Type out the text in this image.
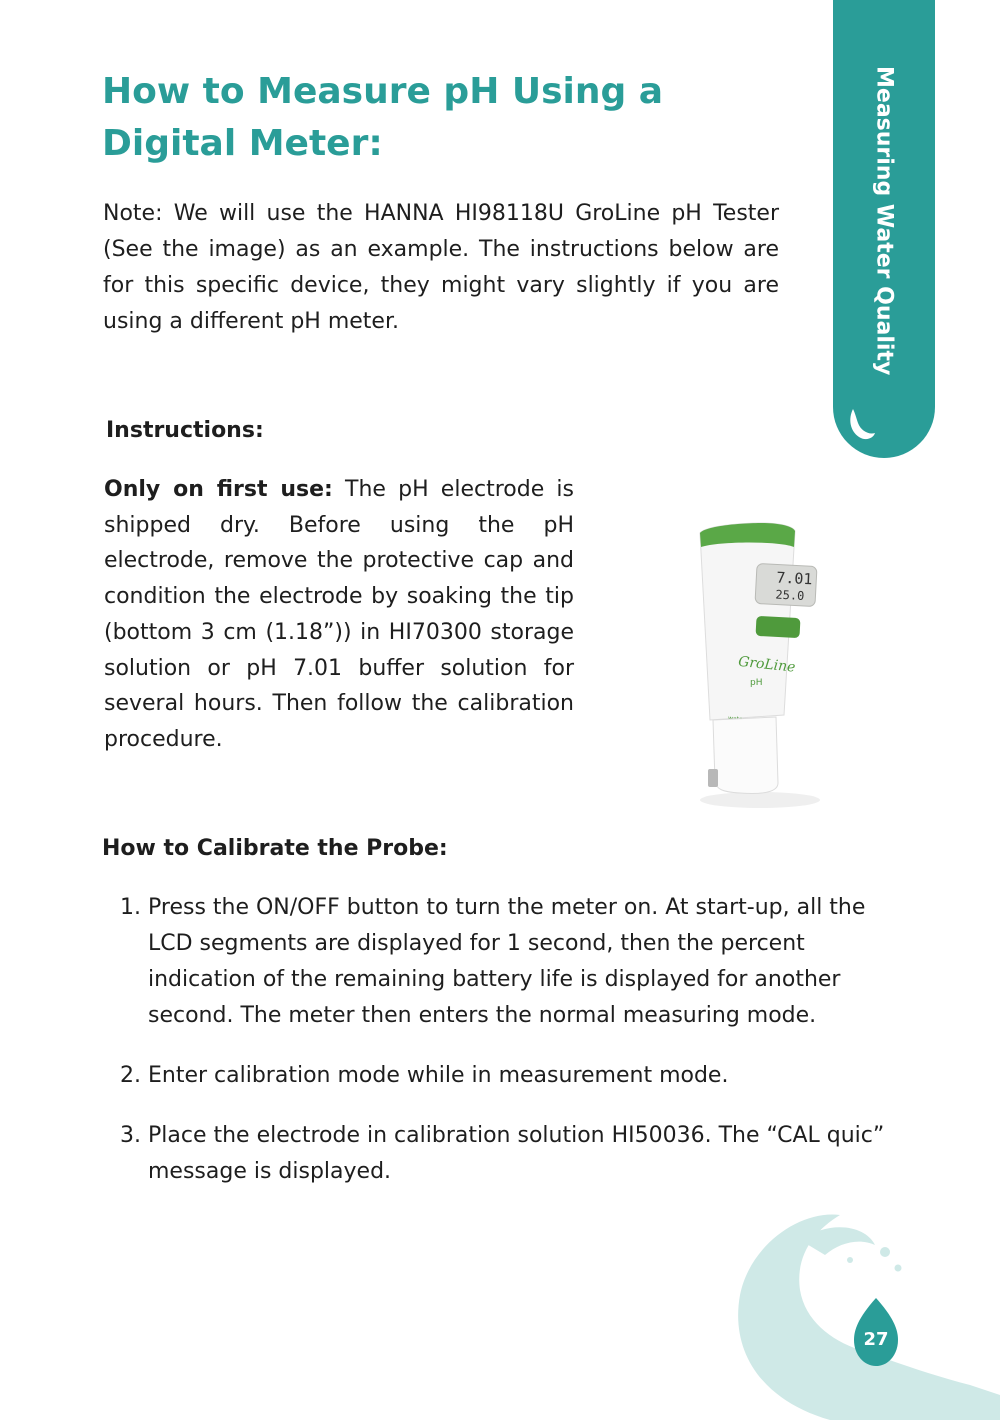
How to Measure pH Using a Digital Meter:

Note: We will use the HANNA HI98118U GroLine pH Tester (See the image) as an example. The instructions below are for this specific device, they might vary slightly if you are using a different pH meter.

Instructions:

Only on first use: The pH electrode is shipped dry. Before using the pH electrode, remove the protective cap and condition the electrode by soaking the tip (bottom 3 cm (1.18”)) in HI70300 storage solution or pH 7.01 buffer solution for several hours. Then follow the calibration procedure.

7.01
25.0
GroLine
pH
How to Calibrate the Probe:
1. Press the ON/OFF button to turn the meter on. At start-up, all the LCD segments are displayed for 1 second, then the percent indication of the remaining battery life is displayed for another second. The meter then enters the normal measuring mode.
2. Enter calibration mode while in measurement mode.
3. Place the electrode in calibration solution HI50036. The “CAL quic” message is displayed.
Measuring Water Quality
27
